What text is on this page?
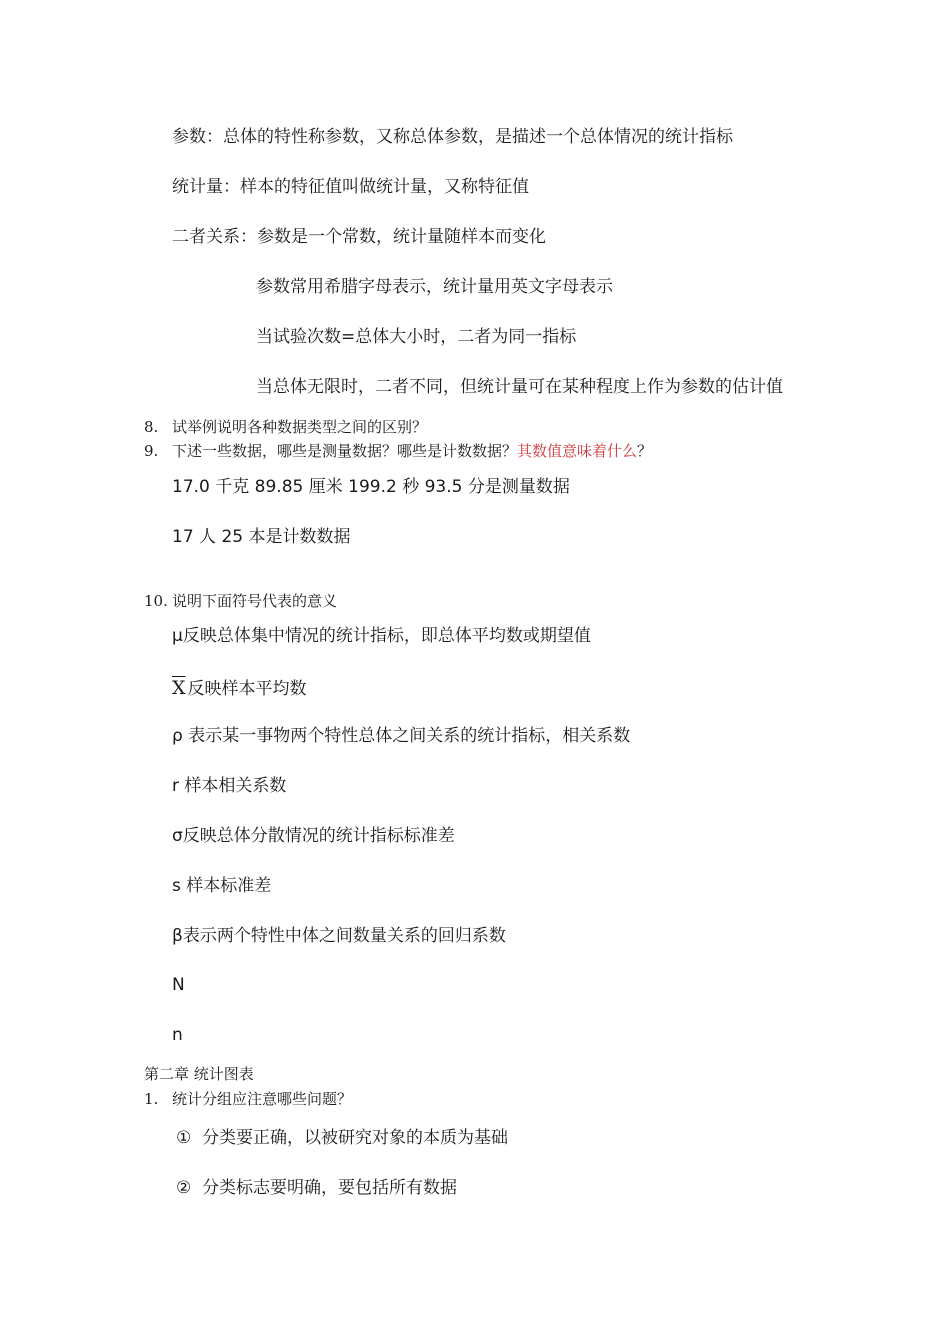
参数：总体的特性称参数，又称总体参数，是描述一个总体情况的统计指标
统计量：样本的特征值叫做统计量，又称特征值
二者关系：参数是一个常数，统计量随样本而变化
参数常用希腊字母表示，统计量用英文字母表示
当试验次数=总体大小时，二者为同一指标
当总体无限时，二者不同，但统计量可在某种程度上作为参数的估计值
8. 试举例说明各种数据类型之间的区别？
9. 下述一些数据，哪些是测量数据？哪些是计数数据？其数值意味着什么？
17.0 千克 89.85 厘米 199.2 秒 93.5 分是测量数据
17 人 25 本是计数数据
10. 说明下面符号代表的意义
μ反映总体集中情况的统计指标，即总体平均数或期望值
$\overline{X}$ 反映样本平均数
ρ 表示某一事物两个特性总体之间关系的统计指标，相关系数
r 样本相关系数
σ反映总体分散情况的统计指标标准差
s 样本标准差
β表示两个特性中体之间数量关系的回归系数
N
n
第二章 统计图表
1. 统计分组应注意哪些问题？
① 分类要正确，以被研究对象的本质为基础
② 分类标志要明确，要包括所有数据
